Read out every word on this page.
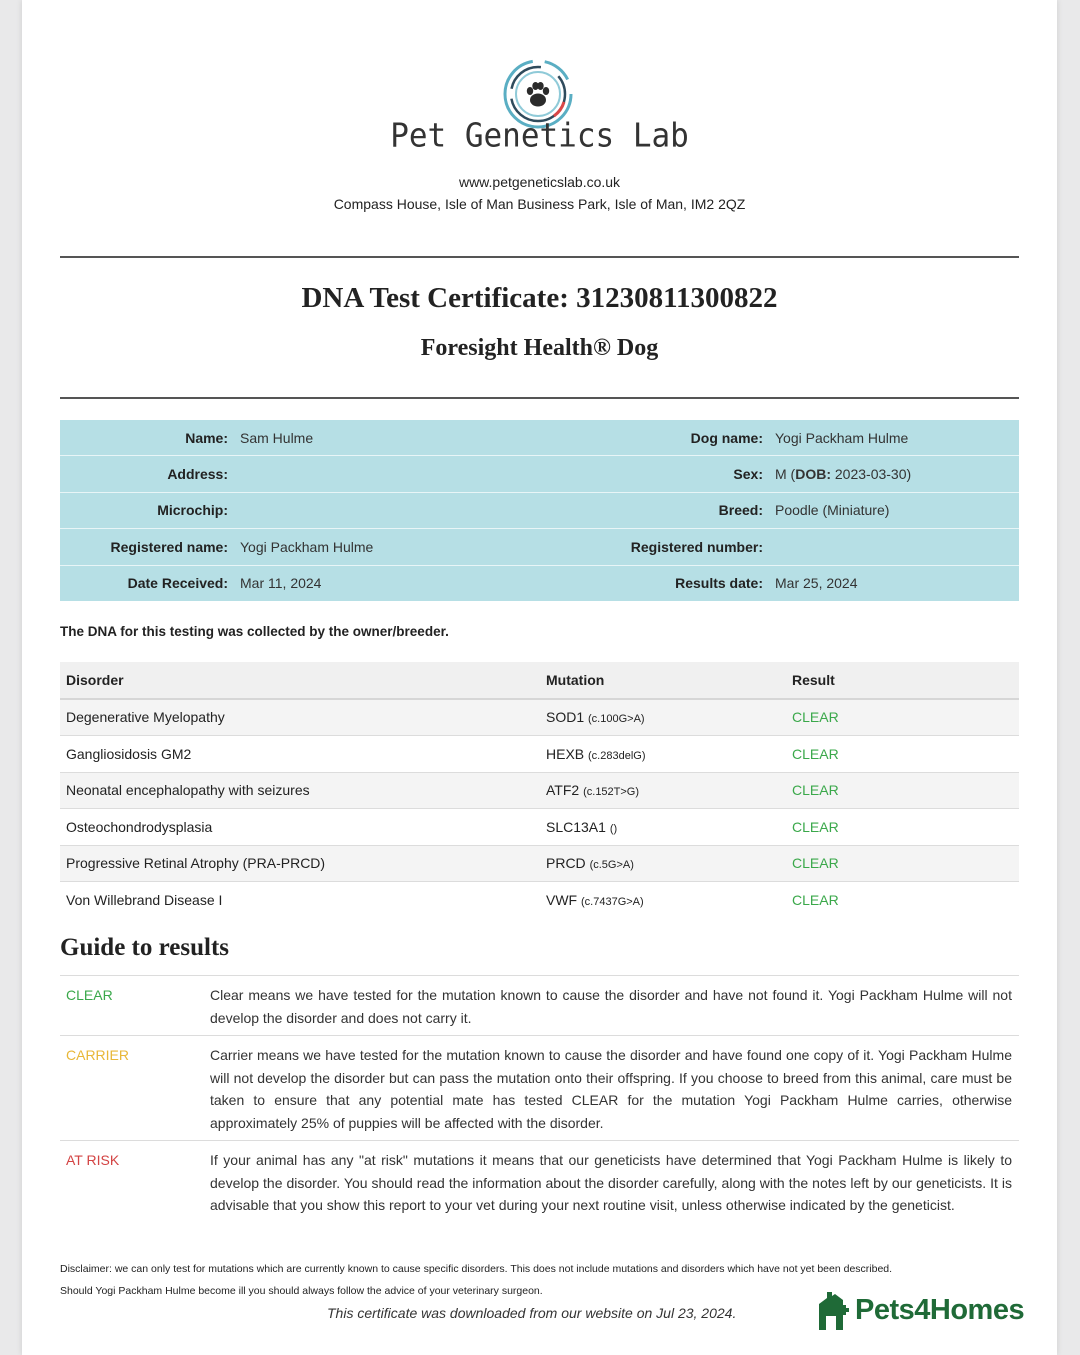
Pet Genetics Lab
www.petgeneticslab.co.uk
Compass House, Isle of Man Business Park, Isle of Man, IM2 2QZ
DNA Test Certificate: 31230811300822
Foresight Health® Dog
Name: Sam Hulme	Dog name: Yogi Packham Hulme
Address:	Sex: M (DOB: 2023-03-30)
Microchip:	Breed: Poodle (Miniature)
Registered name: Yogi Packham Hulme	Registered number:
Date Received: Mar 11, 2024	Results date: Mar 25, 2024
The DNA for this testing was collected by the owner/breeder.
Disorder	Mutation	Result
Degenerative Myelopathy	SOD1 (c.100G>A)	CLEAR
Gangliosidosis GM2	HEXB (c.283delG)	CLEAR
Neonatal encephalopathy with seizures	ATF2 (c.152T>G)	CLEAR
Osteochondrodysplasia	SLC13A1 ()	CLEAR
Progressive Retinal Atrophy (PRA-PRCD)	PRCD (c.5G>A)	CLEAR
Von Willebrand Disease I	VWF (c.7437G>A)	CLEAR
Guide to results
CLEAR	Clear means we have tested for the mutation known to cause the disorder and have not found it. Yogi Packham Hulme will not develop the disorder and does not carry it.
CARRIER	Carrier means we have tested for the mutation known to cause the disorder and have found one copy of it. Yogi Packham Hulme will not develop the disorder but can pass the mutation onto their offspring. If you choose to breed from this animal, care must be taken to ensure that any potential mate has tested CLEAR for the mutation Yogi Packham Hulme carries, otherwise approximately 25% of puppies will be affected with the disorder.
AT RISK	If your animal has any "at risk" mutations it means that our geneticists have determined that Yogi Packham Hulme is likely to develop the disorder. You should read the information about the disorder carefully, along with the notes left by our geneticists. It is advisable that you show this report to your vet during your next routine visit, unless otherwise indicated by the geneticist.
Disclaimer: we can only test for mutations which are currently known to cause specific disorders. This does not include mutations and disorders which have not yet been described.
Should Yogi Packham Hulme become ill you should always follow the advice of your veterinary surgeon.
This certificate was downloaded from our website on Jul 23, 2024.	Pets4Homes
